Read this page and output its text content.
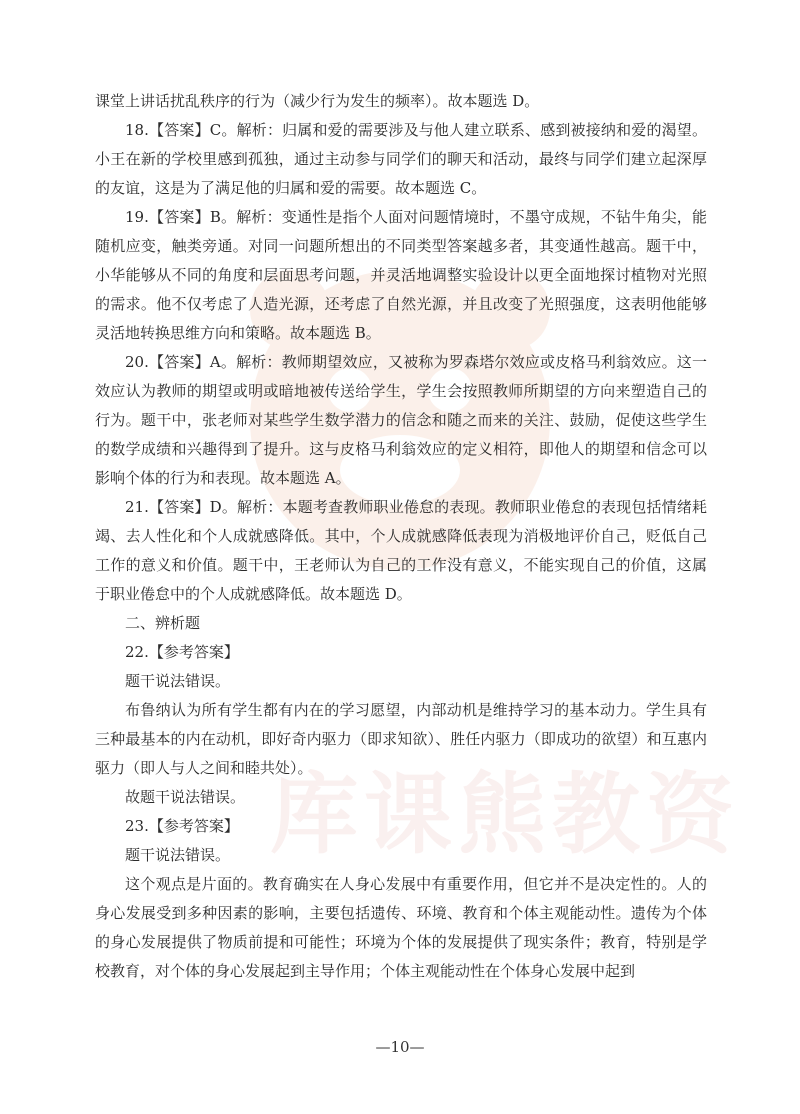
库课熊教资

课堂上讲话扰乱秩序的行为（减少行为发生的频率）。故本题选 D。

18.【答案】C。解析：归属和爱的需要涉及与他人建立联系、感到被接纳和爱的渴望。小王在新的学校里感到孤独，通过主动参与同学们的聊天和活动，最终与同学们建立起深厚的友谊，这是为了满足他的归属和爱的需要。故本题选 C。

19.【答案】B。解析：变通性是指个人面对问题情境时，不墨守成规，不钻牛角尖，能随机应变，触类旁通。对同一问题所想出的不同类型答案越多者，其变通性越高。题干中，小华能够从不同的角度和层面思考问题，并灵活地调整实验设计以更全面地探讨植物对光照的需求。他不仅考虑了人造光源，还考虑了自然光源，并且改变了光照强度，这表明他能够灵活地转换思维方向和策略。故本题选 B。

20.【答案】A。解析：教师期望效应，又被称为罗森塔尔效应或皮格马利翁效应。这一效应认为教师的期望或明或暗地被传送给学生，学生会按照教师所期望的方向来塑造自己的行为。题干中，张老师对某些学生数学潜力的信念和随之而来的关注、鼓励，促使这些学生的数学成绩和兴趣得到了提升。这与皮格马利翁效应的定义相符，即他人的期望和信念可以影响个体的行为和表现。故本题选 A。

21.【答案】D。解析：本题考查教师职业倦怠的表现。教师职业倦怠的表现包括情绪耗竭、去人性化和个人成就感降低。其中，个人成就感降低表现为消极地评价自己，贬低自己工作的意义和价值。题干中，王老师认为自己的工作没有意义，不能实现自己的价值，这属于职业倦怠中的个人成就感降低。故本题选 D。

二、辨析题

22.【参考答案】

题干说法错误。

布鲁纳认为所有学生都有内在的学习愿望，内部动机是维持学习的基本动力。学生具有三种最基本的内在动机，即好奇内驱力（即求知欲）、胜任内驱力（即成功的欲望）和互惠内驱力（即人与人之间和睦共处）。

故题干说法错误。

23.【参考答案】

题干说法错误。

这个观点是片面的。教育确实在人身心发展中有重要作用，但它并不是决定性的。人的身心发展受到多种因素的影响，主要包括遗传、环境、教育和个体主观能动性。遗传为个体的身心发展提供了物质前提和可能性；环境为个体的发展提供了现实条件；教育，特别是学校教育，对个体的身心发展起到主导作用；个体主观能动性在个体身心发展中起到

—10—
